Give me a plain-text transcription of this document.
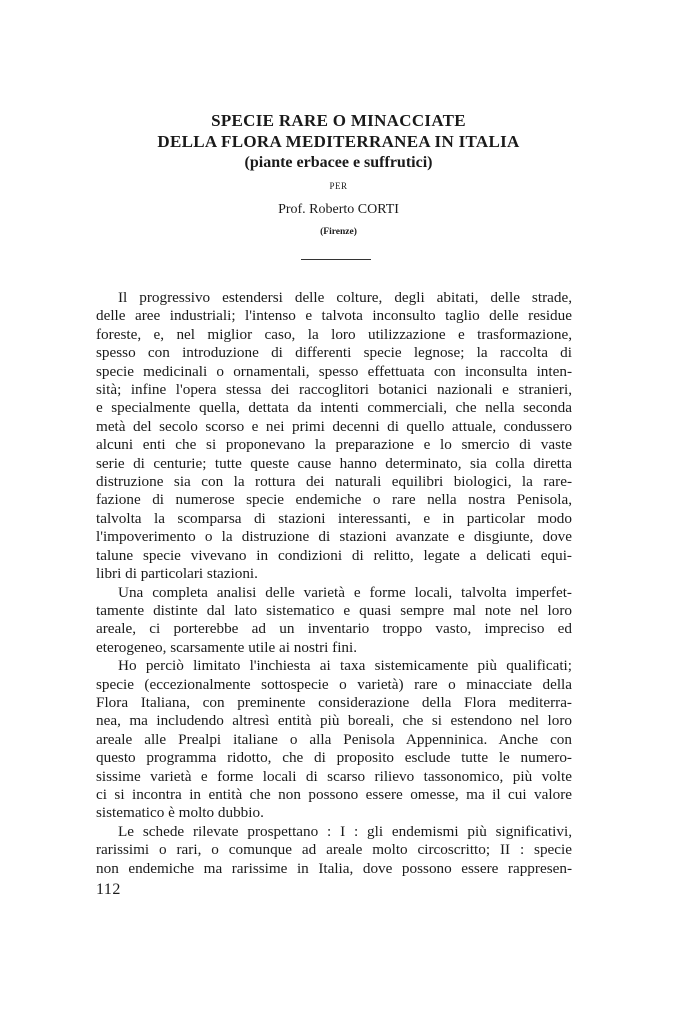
SPECIE RARE O MINACCIATE
DELLA FLORA MEDITERRANEA IN ITALIA
(piante erbacee e suffrutici)
PER
Prof. Roberto CORTI
(Firenze)

Il progressivo estendersi delle colture, degli abitati, delle strade,
delle aree industriali; l'intenso e talvota inconsulto taglio delle residue
foreste, e, nel miglior caso, la loro utilizzazione e trasformazione,
spesso con introduzione di differenti specie legnose; la raccolta di
specie medicinali o ornamentali, spesso effettuata con inconsulta inten-
sità; infine l'opera stessa dei raccoglitori botanici nazionali e stranieri,
e specialmente quella, dettata da intenti commerciali, che nella seconda
metà del secolo scorso e nei primi decenni di quello attuale, condussero
alcuni enti che si proponevano la preparazione e lo smercio di vaste
serie di centurie; tutte queste cause hanno determinato, sia colla diretta
distruzione sia con la rottura dei naturali equilibri biologici, la rare-
fazione di numerose specie endemiche o rare nella nostra Penisola,
talvolta la scomparsa di stazioni interessanti, e in particolar modo
l'impoverimento o la distruzione di stazioni avanzate e disgiunte, dove
talune specie vivevano in condizioni di relitto, legate a delicati equi-
libri di particolari stazioni.

Una completa analisi delle varietà e forme locali, talvolta imperfet-
tamente distinte dal lato sistematico e quasi sempre mal note nel loro
areale, ci porterebbe ad un inventario troppo vasto, impreciso ed
eterogeneo, scarsamente utile ai nostri fini.

Ho perciò limitato l'inchiesta ai taxa sistemicamente più qualificati;
specie (eccezionalmente sottospecie o varietà) rare o minacciate della
Flora Italiana, con preminente considerazione della Flora mediterra-
nea, ma includendo altresì entità più boreali, che si estendono nel loro
areale alle Prealpi italiane o alla Penisola Appenninica. Anche con
questo programma ridotto, che di proposito esclude tutte le numero-
sissime varietà e forme locali di scarso rilievo tassonomico, più volte
ci si incontra in entità che non possono essere omesse, ma il cui valore
sistematico è molto dubbio.

Le schede rilevate prospettano : I : gli endemismi più significativi,
rarissimi o rari, o comunque ad areale molto circoscritto; II : specie
non endemiche ma rarissime in Italia, dove possono essere rappresen-

112
